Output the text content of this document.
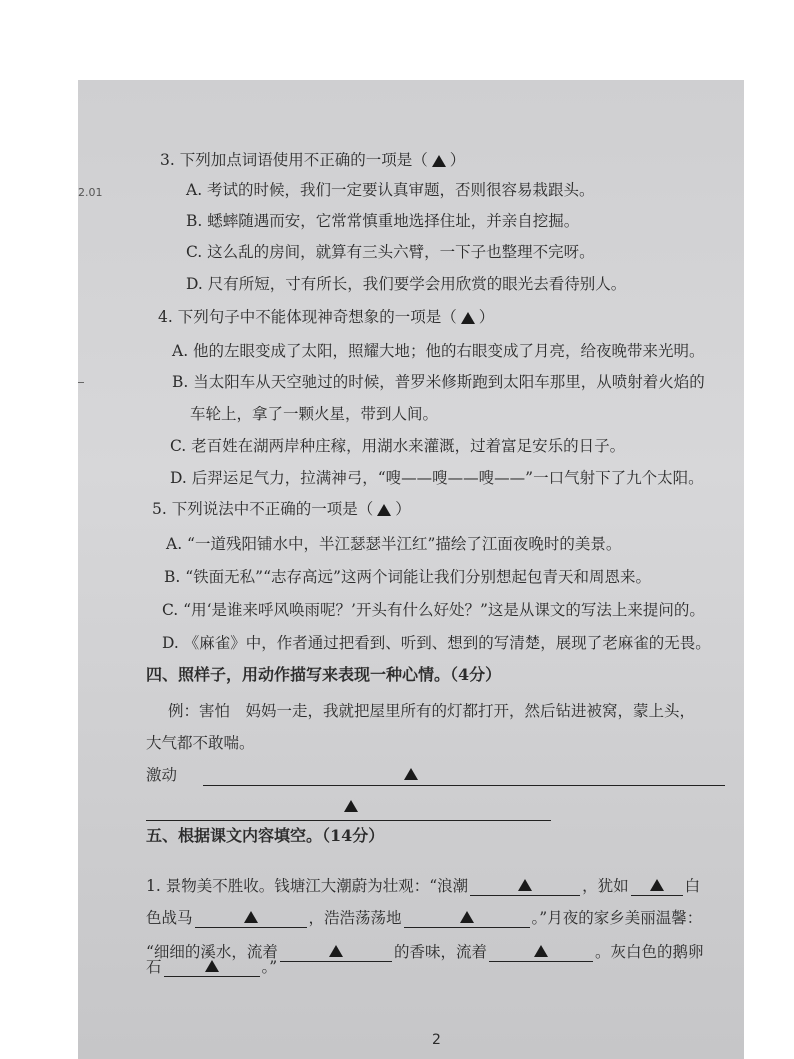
2.01
3. 下列加点词语使用不正确的一项是（ ）
A. 考试的时候，我们一定要认真审题，否则很容易栽跟头。
B. 蟋蟀随遇而安，它常常慎重地选择住址，并亲自挖掘。
C. 这么乱的房间，就算有三头六臂，一下子也整理不完呀。
D. 尺有所短，寸有所长，我们要学会用欣赏的眼光去看待别人。
4. 下列句子中不能体现神奇想象的一项是（ ）
A. 他的左眼变成了太阳，照耀大地；他的右眼变成了月亮，给夜晚带来光明。
B. 当太阳车从天空驰过的时候，普罗米修斯跑到太阳车那里，从喷射着火焰的
车轮上，拿了一颗火星，带到人间。
C. 老百姓在湖两岸种庄稼，用湖水来灌溉，过着富足安乐的日子。
D. 后羿运足气力，拉满神弓，“嗖——嗖——嗖——”一口气射下了九个太阳。
5. 下列说法中不正确的一项是（ ）
A. “一道残阳铺水中，半江瑟瑟半江红”描绘了江面夜晚时的美景。
B. “铁面无私”“志存高远”这两个词能让我们分别想起包青天和周恩来。
C. “用‘是谁来呼风唤雨呢？’开头有什么好处？”这是从课文的写法上来提问的。
D. 《麻雀》中，作者通过把看到、听到、想到的写清楚，展现了老麻雀的无畏。
四、照样子，用动作描写来表现一种心情。（4分）
例：害怕　妈妈一走，我就把屋里所有的灯都打开，然后钻进被窝，蒙上头，
大气都不敢喘。
激动
五、根据课文内容填空。（14分）
1. 景物美不胜收。钱塘江大潮蔚为壮观：“浪潮	，犹如	白
色战马	，浩浩荡荡地	。”月夜的家乡美丽温馨：
“细细的溪水，流着	的香味，流着	。灰白色的鹅卵
石	。”
2
